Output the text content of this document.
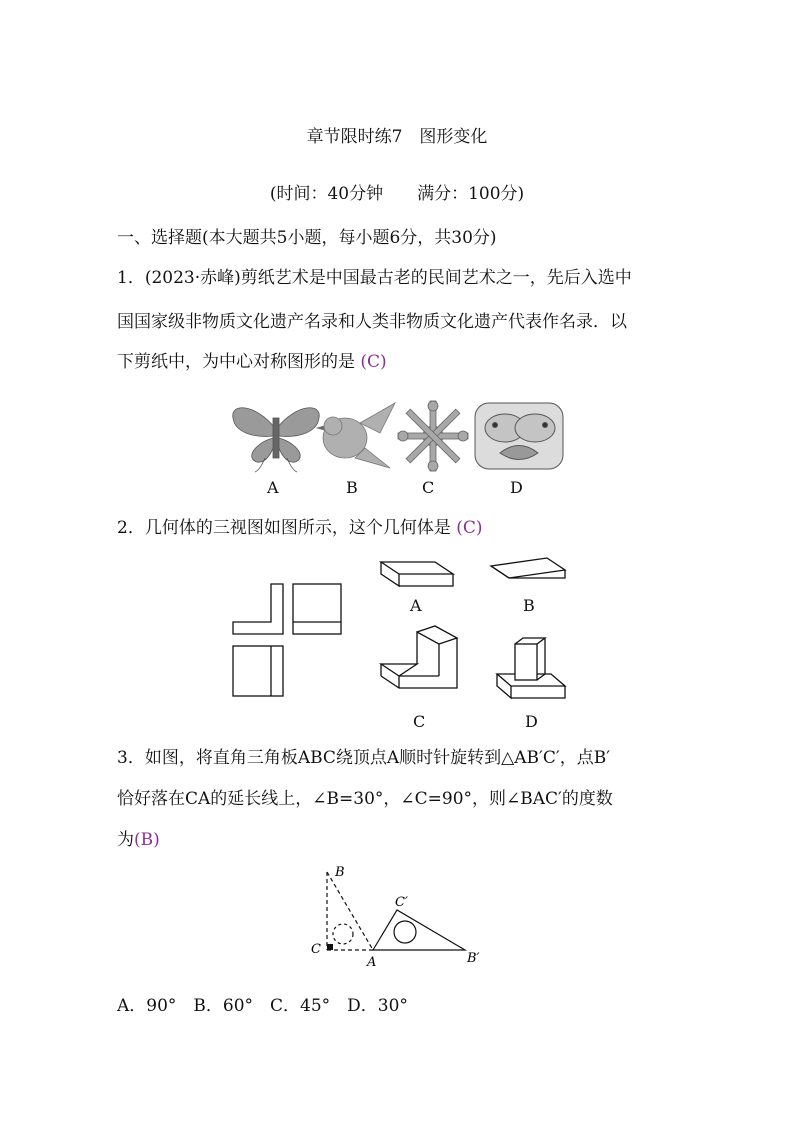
章节限时练7　图形变化
(时间：40分钟　　满分：100分)
一、选择题(本大题共5小题，每小题6分，共30分)
1．(2023·赤峰)剪纸艺术是中国最古老的民间艺术之一，先后入选中
国国家级非物质文化遗产名录和人类非物质文化遗产代表作名录．以
下剪纸中，为中心对称图形的是 (C)
A	B	C	D
2．几何体的三视图如图所示，这个几何体是 (C)
A	B
C	D
3．如图，将直角三角板ABC绕顶点A顺时针旋转到△AB′C′，点B′
恰好落在CA的延长线上，∠B=30°，∠C=90°，则∠BAC′的度数
为(B)
B
C′
C
A	B′
A．90°　B．60°　C．45°　D．30°
